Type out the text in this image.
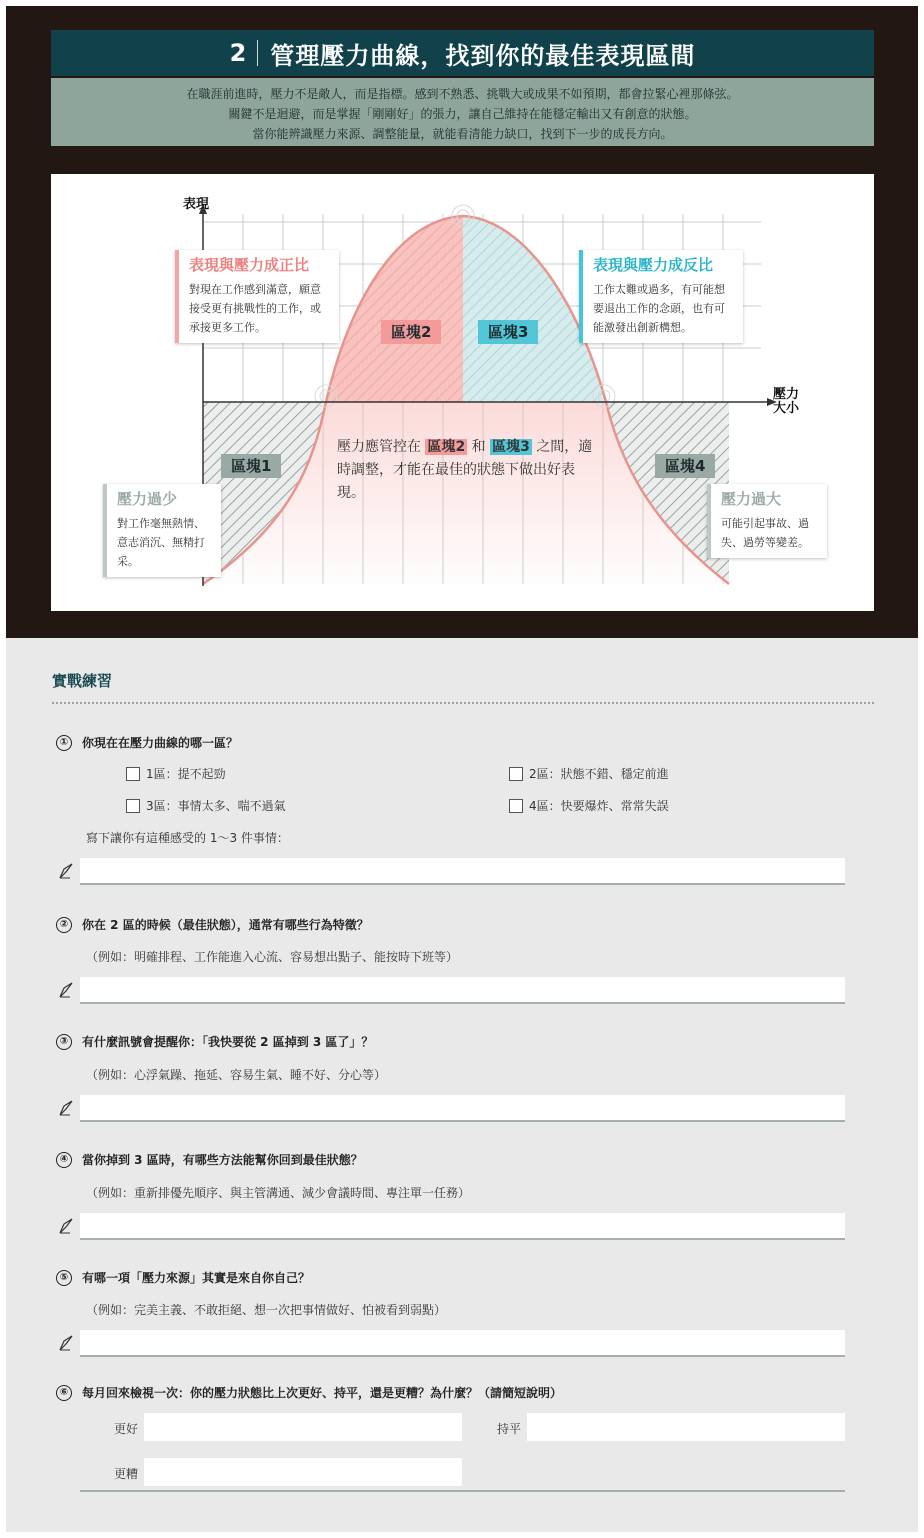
2 管理壓力曲線，找到你的最佳表現區間
在職涯前進時，壓力不是敵人，而是指標。感到不熟悉、挑戰大或成果不如預期，都會拉緊心裡那條弦。
關鍵不是迴避，而是掌握「剛剛好」的張力，讓自己維持在能穩定輸出又有創意的狀態。
當你能辨識壓力來源、調整能量，就能看清能力缺口，找到下一步的成長方向。
表現
壓力
大小
表現與壓力成正比
對現在工作感到滿意，願意接受更有挑戰性的工作，或承接更多工作。
表現與壓力成反比
工作太難或過多，有可能想要退出工作的念頭，也有可能激發出創新構想。
壓力過少
對工作毫無熱情、意志消沉、無精打采。
壓力過大
可能引起事故、過失、過勞等變差。
區塊2	區塊3
區塊1	區塊4
壓力應管控在 區塊2 和 區塊3 之間，適時調整，才能在最佳的狀態下做出好表現。
實戰練習
①	你現在在壓力曲線的哪一區？
1區：提不起勁	2區：狀態不錯、穩定前進
3區：事情太多、喘不過氣	4區：快要爆炸、常常失誤
寫下讓你有這種感受的 1～3 件事情：
②	你在 2 區的時候（最佳狀態），通常有哪些行為特徵？
（例如：明確排程、工作能進入心流、容易想出點子、能按時下班等）
③	有什麼訊號會提醒你：「我快要從 2 區掉到 3 區了」？
（例如：心浮氣躁、拖延、容易生氣、睡不好、分心等）
④	當你掉到 3 區時，有哪些方法能幫你回到最佳狀態？
（例如：重新排優先順序、與主管溝通、減少會議時間、專注單一任務）
⑤	有哪一項「壓力來源」其實是來自你自己？
（例如：完美主義、不敢拒絕、想一次把事情做好、怕被看到弱點）
⑥	每月回來檢視一次：你的壓力狀態比上次更好、持平，還是更糟？為什麼？（請簡短說明）
更好	持平
更糟
